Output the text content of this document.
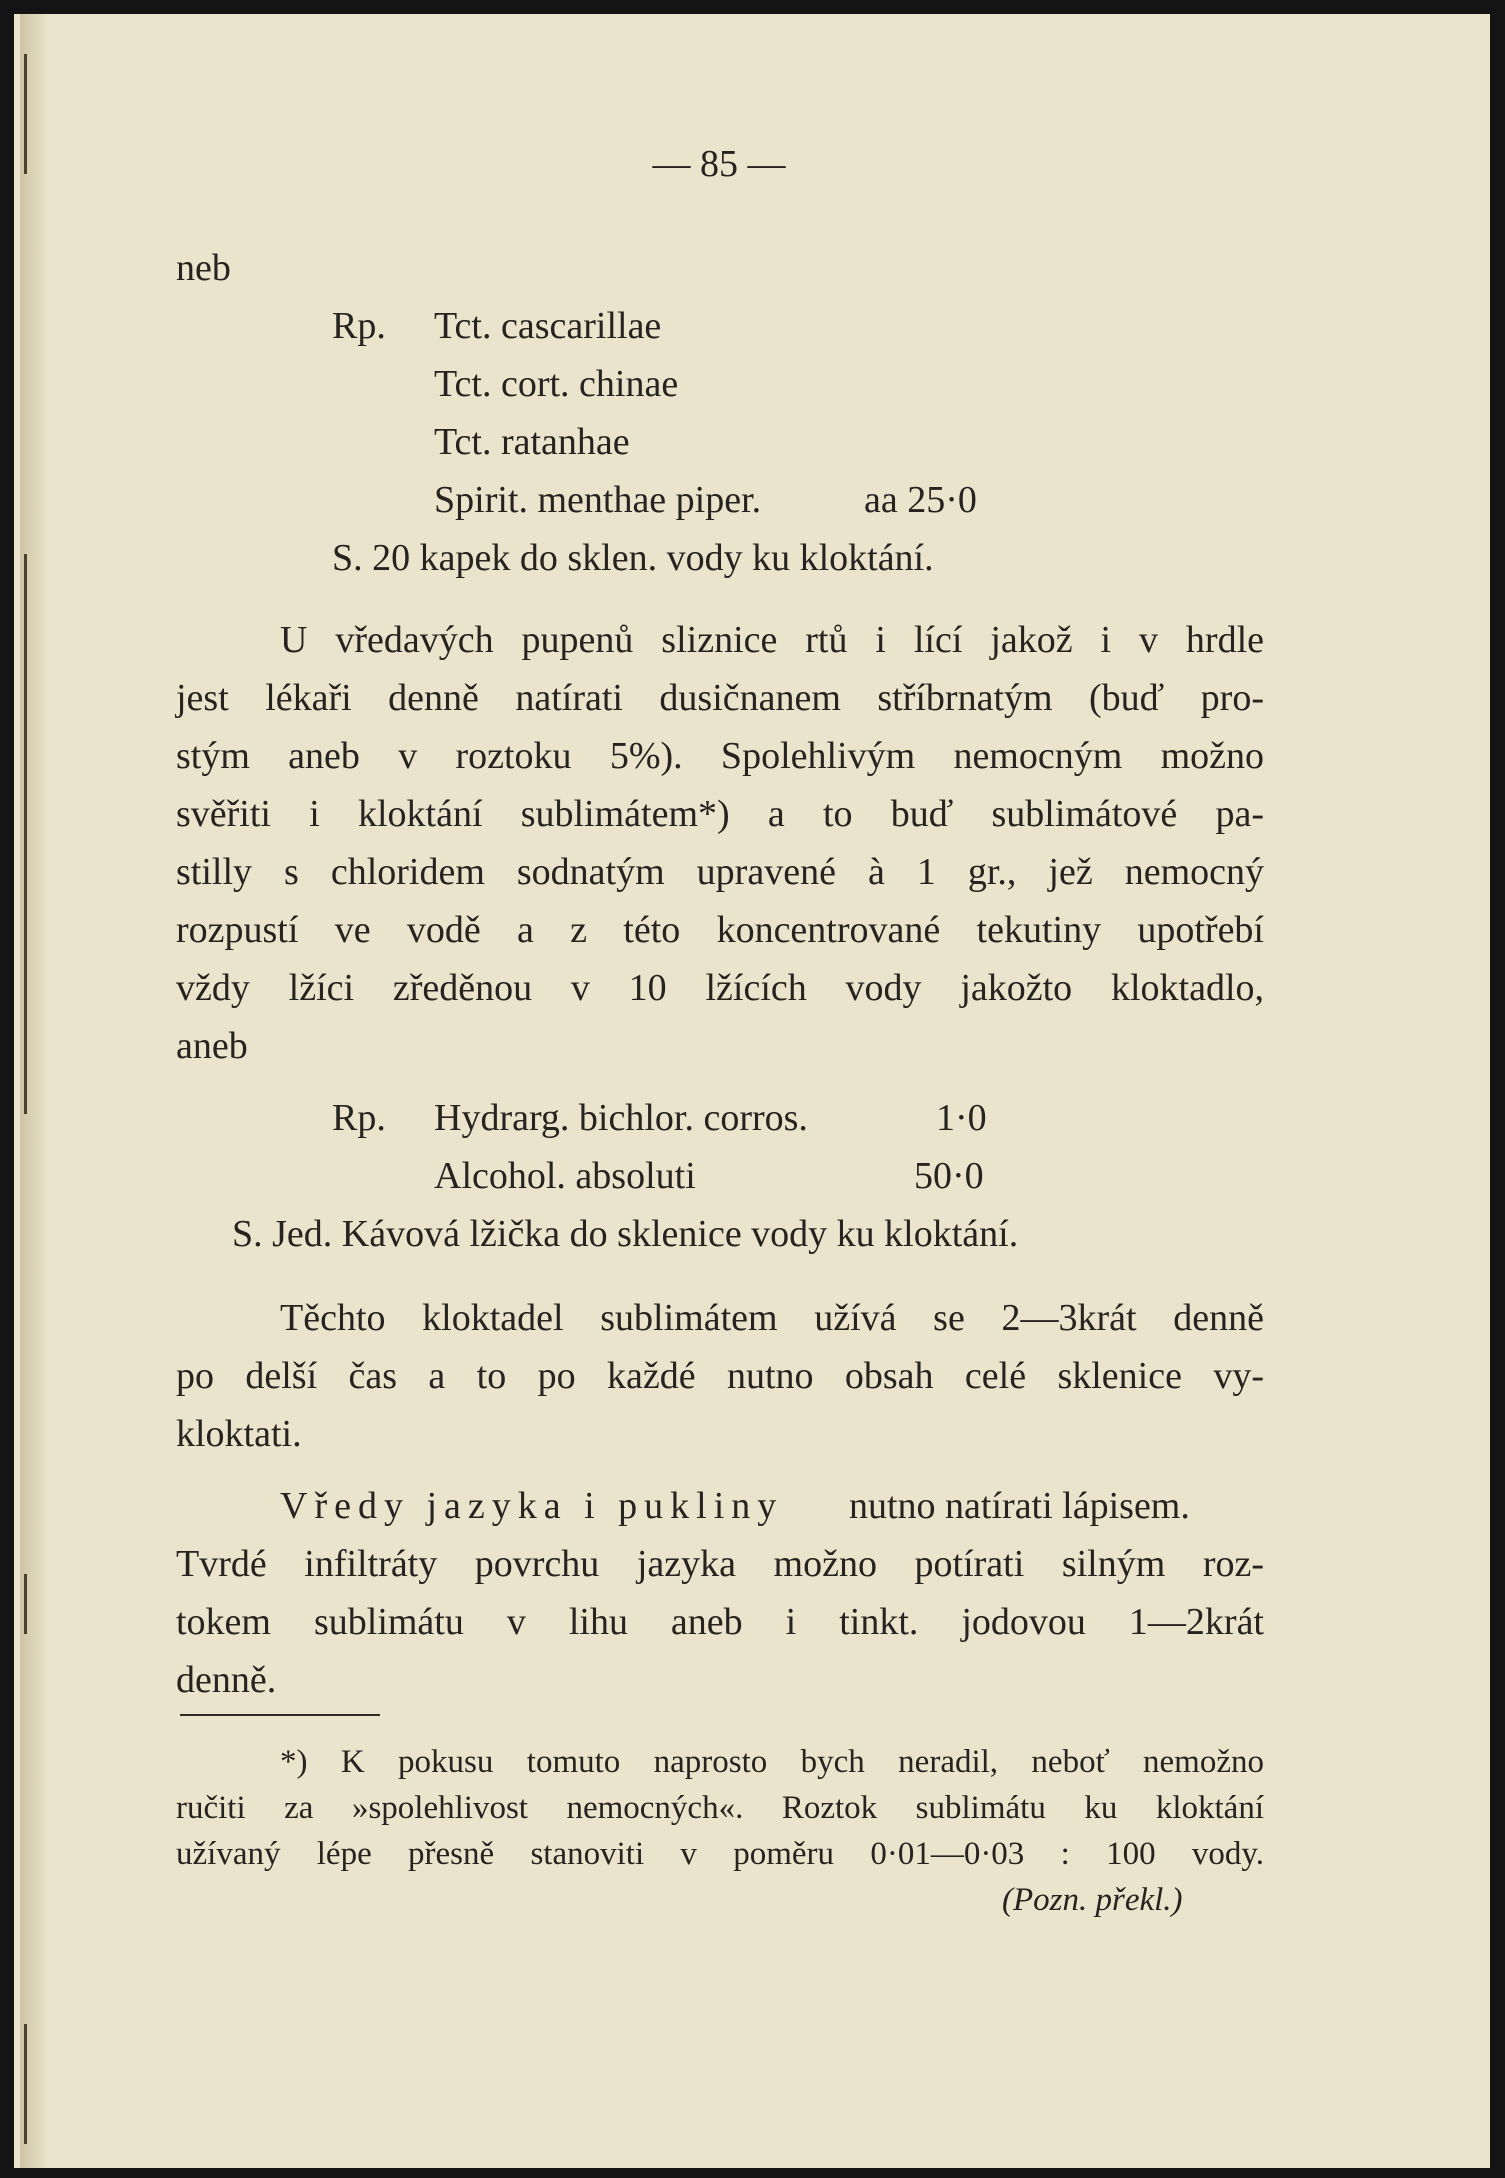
— 85 —
neb
Rp. Tct. cascarillae
Tct. cort. chinae
Tct. ratanhae
Spirit. menthae piper.	aa 25·0
S. 20 kapek do sklen. vody ku kloktání.
U vředavých pupenů sliznice rtů i lící jakož i v hrdle
jest lékaři denně natírati dusičnanem stříbrnatým (buď pro-
stým aneb v roztoku 5%). Spolehlivým nemocným možno
svěřiti i kloktání sublimátem*) a to buď sublimátové pa-
stilly s chloridem sodnatým upravené à 1 gr., jež nemocný
rozpustí ve vodě a z této koncentrované tekutiny upotřebí
vždy lžíci zředěnou v 10 lžících vody jakožto kloktadlo,
aneb
Rp. Hydrarg. bichlor. corros.	1·0
Alcohol. absoluti	50·0
S. Jed. Kávová lžička do sklenice vody ku kloktání.
Těchto kloktadel sublimátem užívá se 2—3krát denně
po delší čas a to po každé nutno obsah celé sklenice vy-
kloktati.
Vředy jazyka i pukliny nutno natírati lápisem.
Tvrdé infiltráty povrchu jazyka možno potírati silným roz-
tokem sublimátu v lihu aneb i tinkt. jodovou 1—2krát
denně.
*) K pokusu tomuto naprosto bych neradil, neboť nemožno
ručiti za »spolehlivost nemocných«. Roztok sublimátu ku kloktání
užívaný lépe přesně stanoviti v poměru 0·01—0·03 : 100 vody.
(Pozn. překl.)
